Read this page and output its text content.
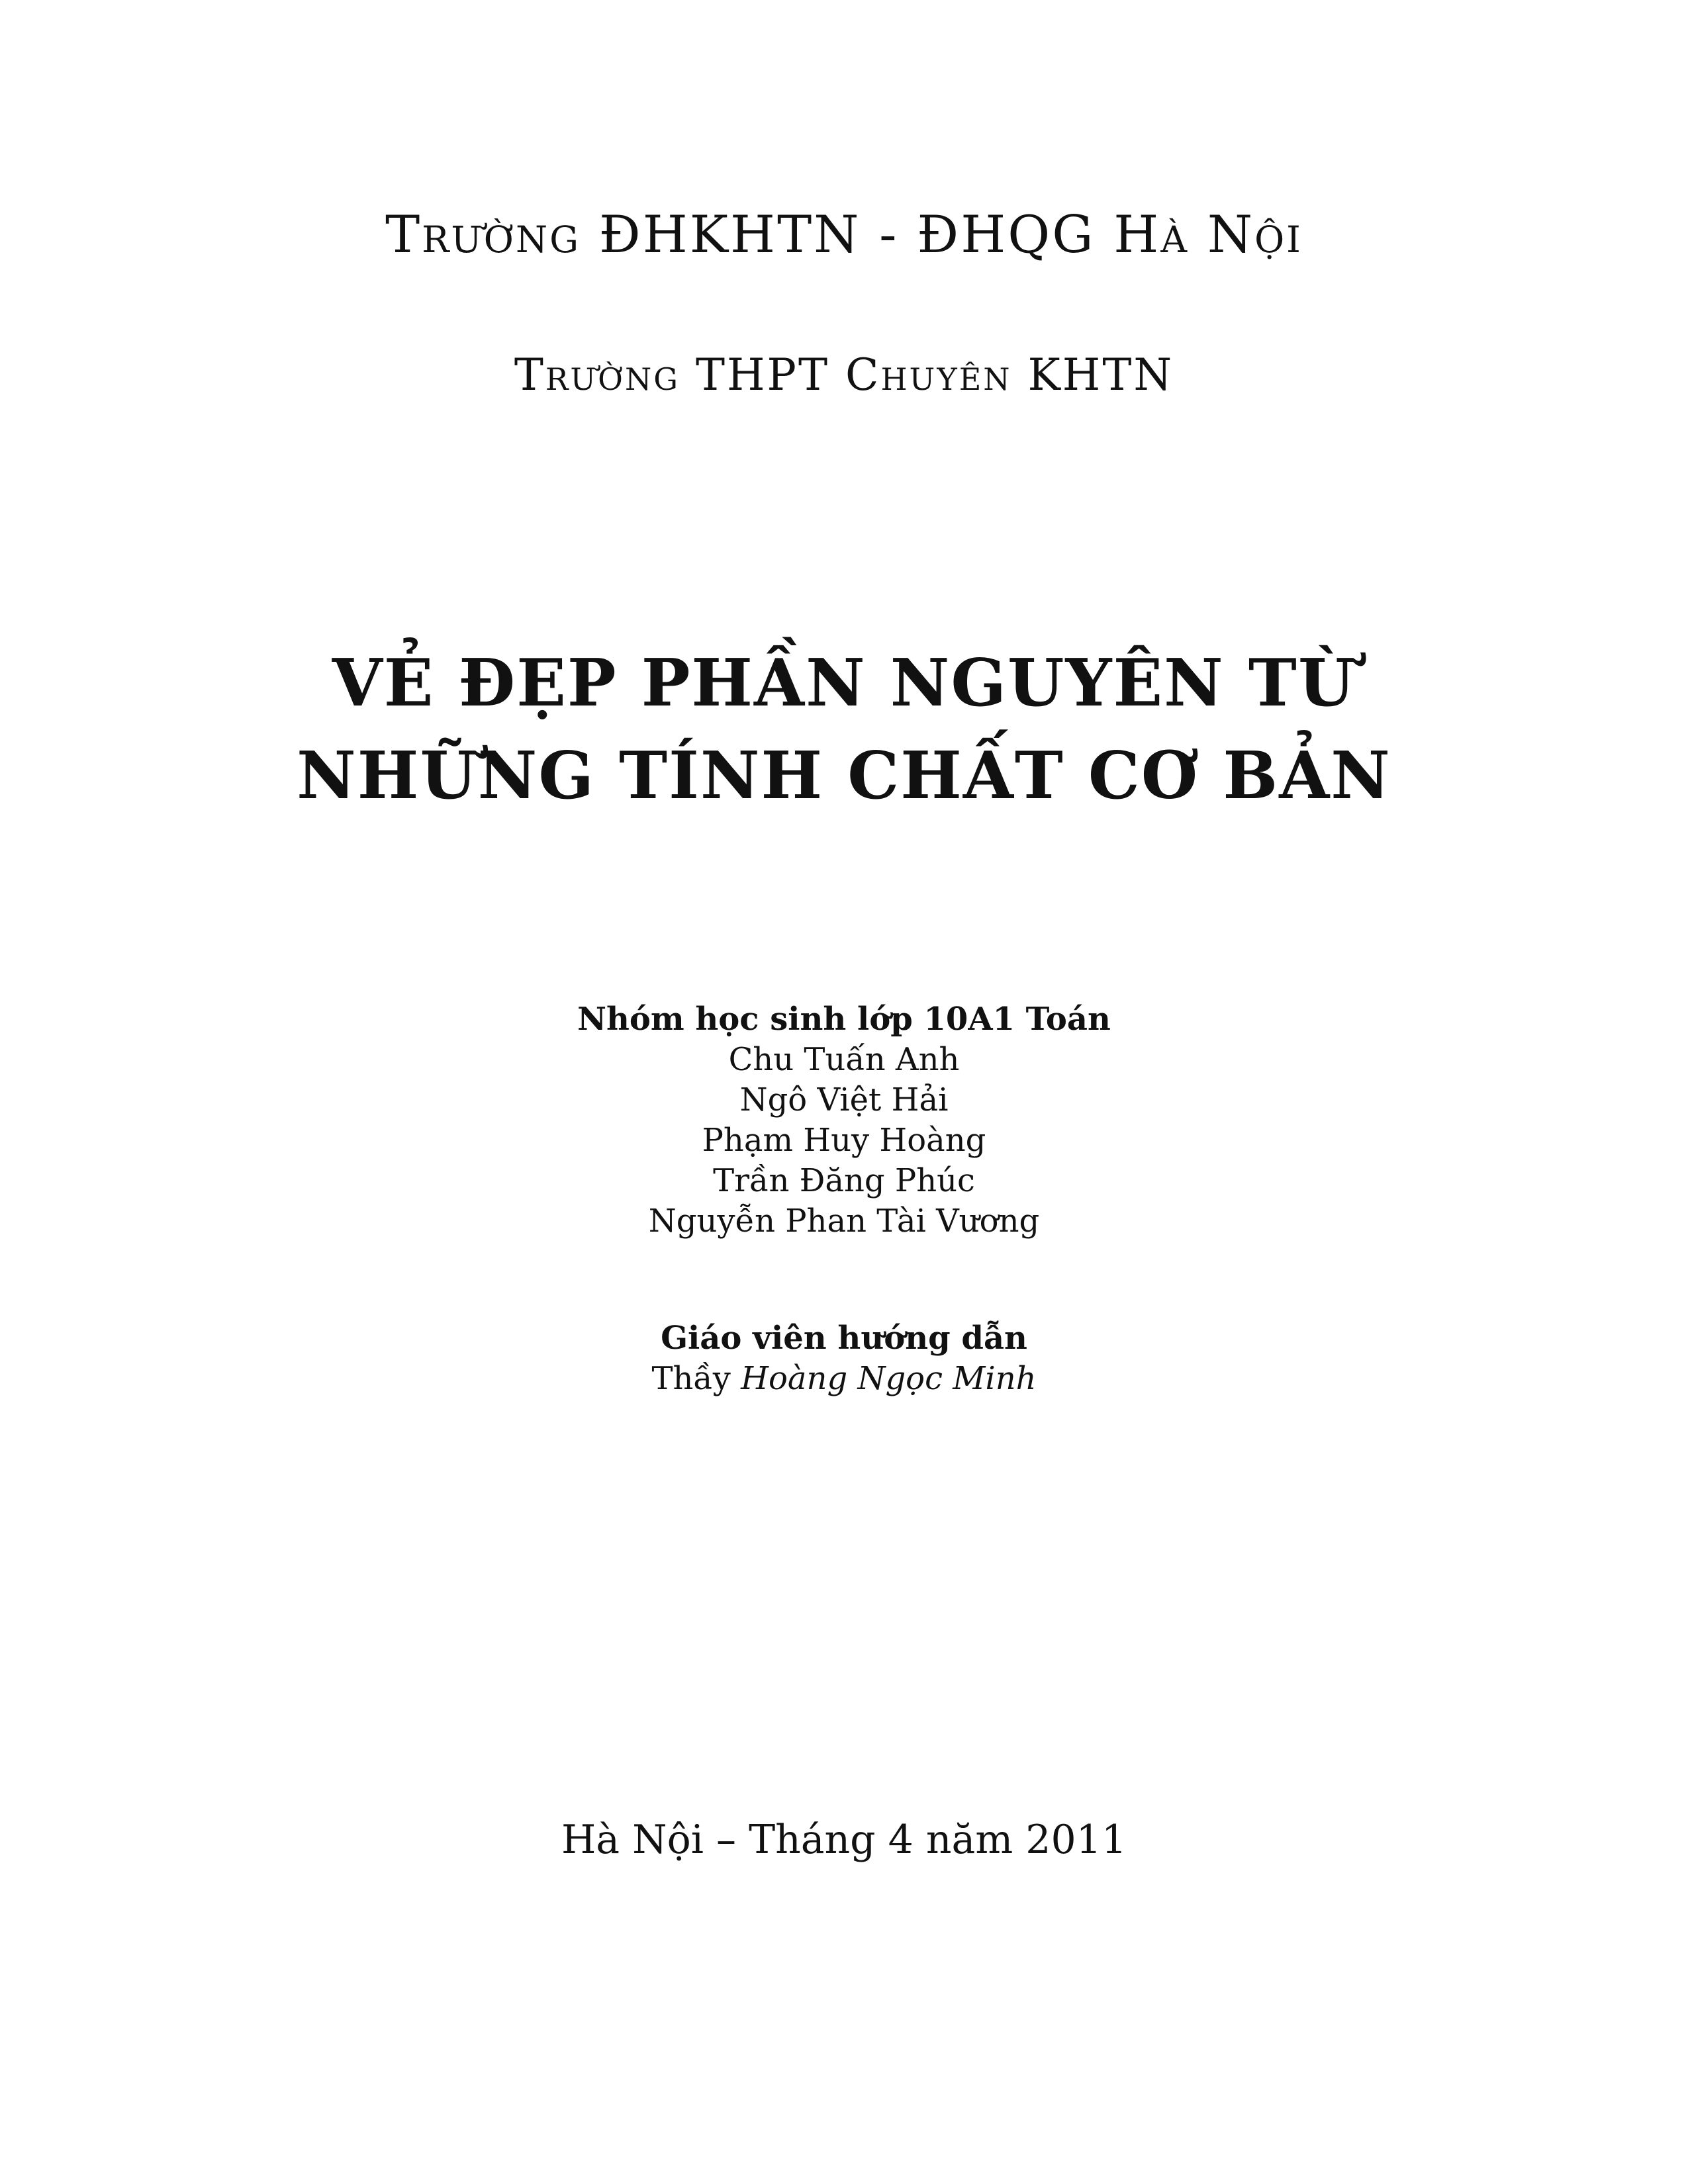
Trường ĐHKHTN - ĐHQG Hà Nội
Trường THPT Chuyên KHTN
VẺ ĐẸP PHẦN NGUYÊN TỪ
NHỮNG TÍNH CHẤT CƠ BẢN
Nhóm học sinh lớp 10A1 Toán
Chu Tuấn Anh
Ngô Việt Hải
Phạm Huy Hoàng
Trần Đăng Phúc
Nguyễn Phan Tài Vương
Giáo viên hướng dẫn
Thầy Hoàng Ngọc Minh
Hà Nội – Tháng 4 năm 2011
